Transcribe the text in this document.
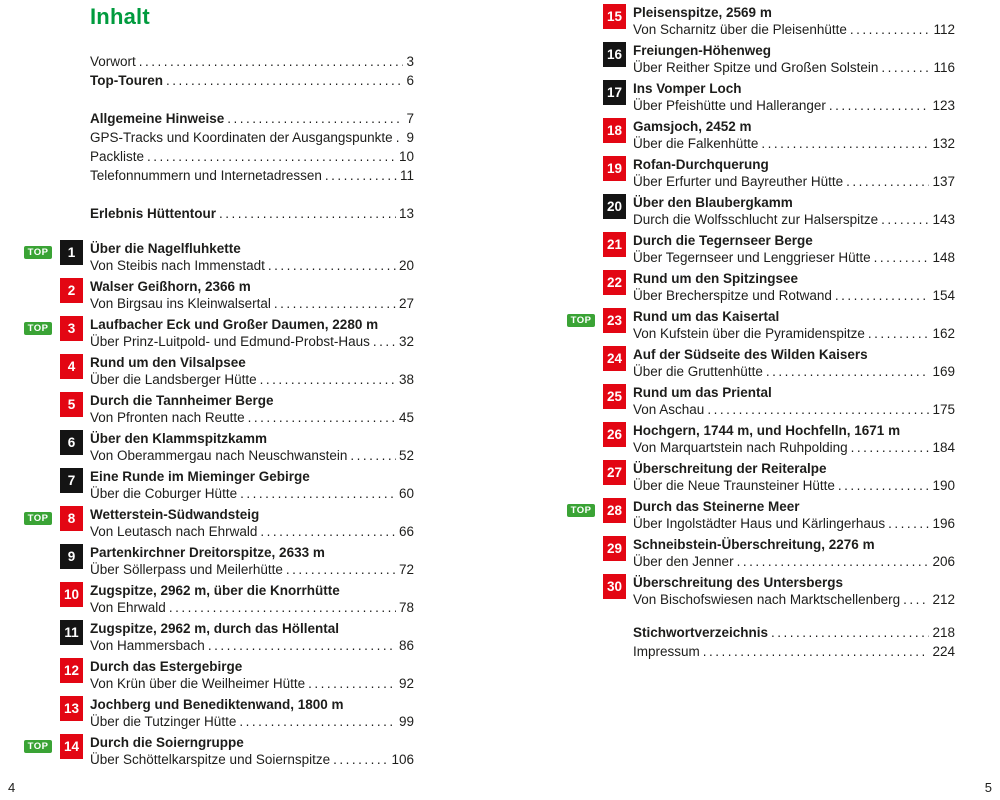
Inhalt
Vorwort .....	3
Top-Touren .....	6
Allgemeine Hinweise .....	7
GPS-Tracks und Koordinaten der Ausgangspunkte ..... 9
Packliste .....	10
Telefonnummern und Internetadressen .....	11
Erlebnis Hüttentour .....	13
TOP	1	Über die Nagelfluhkette
Von Steibis nach Immenstadt .....	20
2	Walser Geißhorn, 2366 m
Von Birgsau ins Kleinwalsertal .....	27
TOP	3	Laufbacher Eck und Großer Daumen, 2280 m
Über Prinz-Luitpold- und Edmund-Probst-Haus ..... 32
4	Rund um den Vilsalpsee
Über die Landsberger Hütte .....	38
5	Durch die Tannheimer Berge
Von Pfronten nach Reutte .....	45
6	Über den Klammspitzkamm
Von Oberammergau nach Neuschwanstein .....	52
7	Eine Runde im Mieminger Gebirge
Über die Coburger Hütte .....	60
TOP	8	Wetterstein-Südwandsteig
Von Leutasch nach Ehrwald .....	66
9	Partenkirchner Dreitorspitze, 2633 m
Über Söllerpass und Meilerhütte .....	72
10 Zugspitze, 2962 m, über die Knorrhütte
Von Ehrwald .....	78
11 Zugspitze, 2962 m, durch das Höllental
Von Hammersbach .....	86
12 Durch das Estergebirge
Von Krün über die Weilheimer Hütte .....	92
13 Jochberg und Benediktenwand, 1800 m
Über die Tutzinger Hütte .....	99
TOP	14 Durch die Soierngruppe
Über Schöttelkarspitze und Soiernspitze .....	106
15 Pleisenspitze, 2569 m
Von Scharnitz über die Pleisenhütte .....	112
16 Freiungen-Höhenweg
Über Reither Spitze und Großen Solstein .....	116
17 Ins Vomper Loch
Über Pfeishütte und Halleranger .....	123
18 Gamsjoch, 2452 m
Über die Falkenhütte .....	132
19 Rofan-Durchquerung
Über Erfurter und Bayreuther Hütte .....	137
20 Über den Blaubergkamm
Durch die Wolfsschlucht zur Halserspitze .....	143
21 Durch die Tegernseer Berge
Über Tegernseer und Lenggrieser Hütte .....	148
22 Rund um den Spitzingsee
Über Brecherspitze und Rotwand .....	154
TOP	23 Rund um das Kaisertal
Von Kufstein über die Pyramidenspitze .....	162
24 Auf der Südseite des Wilden Kaisers
Über die Gruttenhütte .....	169
25 Rund um das Priental
Von Aschau .....	175
26 Hochgern, 1744 m, und Hochfelln, 1671 m
Von Marquartstein nach Ruhpolding .....	184
27 Überschreitung der Reiteralpe
Über die Neue Traunsteiner Hütte .....	190
TOP	28 Durch das Steinerne Meer
Über Ingolstädter Haus und Kärlingerhaus .....	196
29 Schneibstein-Überschreitung, 2276 m
Über den Jenner .....	206
30 Überschreitung des Untersbergs
Von Bischofswiesen nach Marktschellenberg ..... 212
Stichwortverzeichnis .....	218
Impressum .....	224
4	5
